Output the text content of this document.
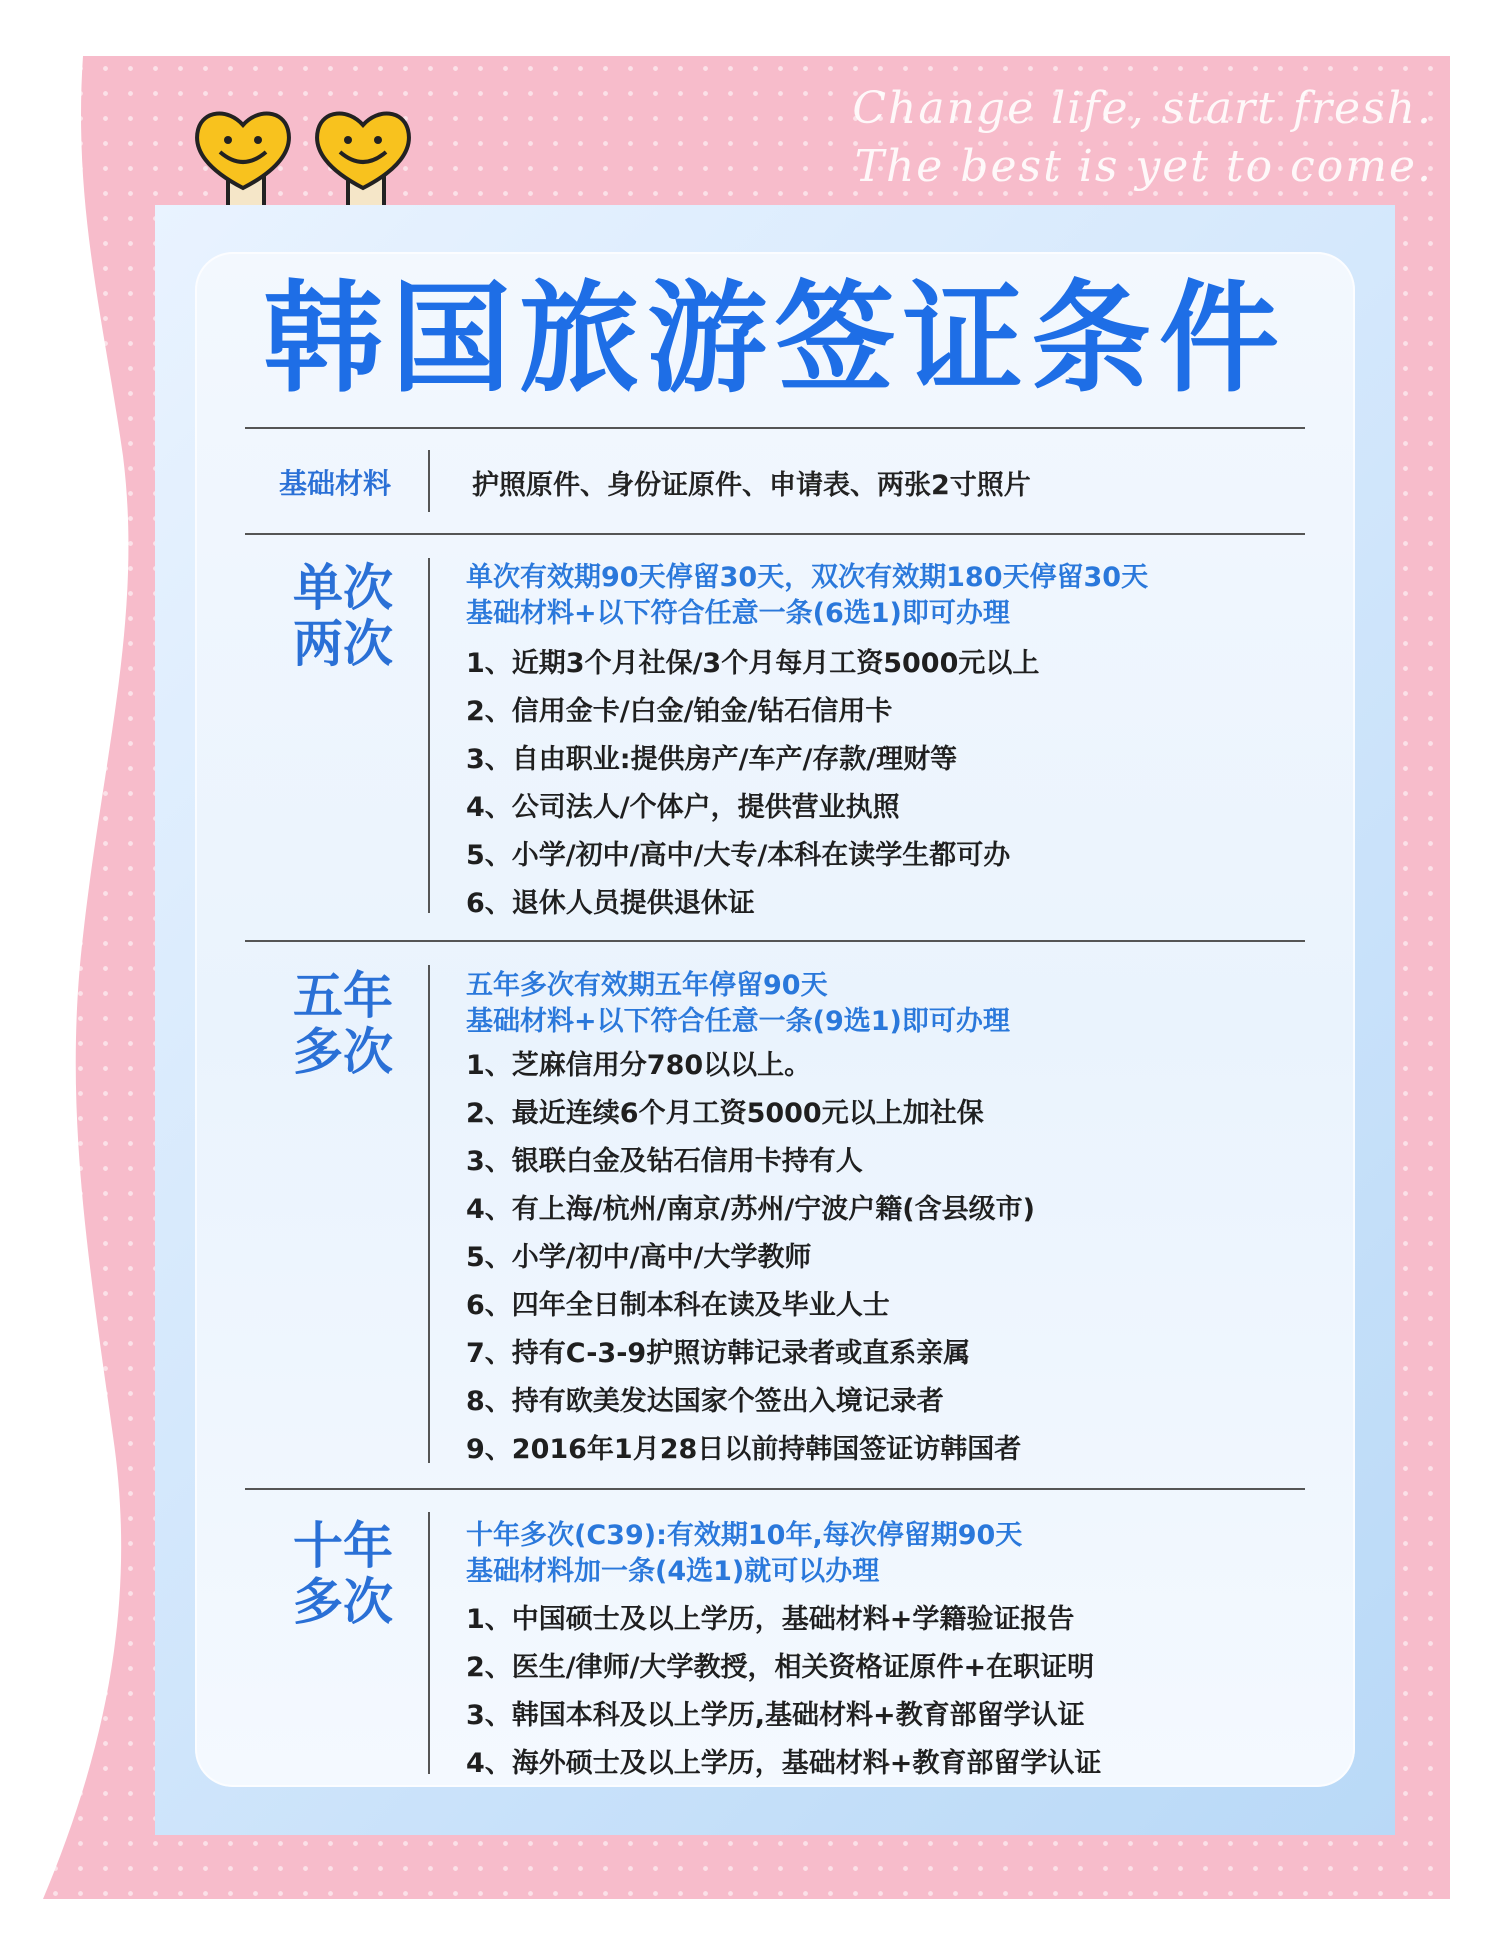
Change life, start fresh.
The best is yet to come.
韩国旅游签证条件
基础材料	护照原件、身份证原件、申请表、两张2寸照片
单次
两次
单次有效期90天停留30天，双次有效期180天停留30天
基础材料+以下符合任意一条(6选1)即可办理
1、近期3个月社保/3个月每月工资5000元以上
2、信用金卡/白金/铂金/钻石信用卡
3、自由职业:提供房产/车产/存款/理财等
4、公司法人/个体户，提供营业执照
5、小学/初中/高中/大专/本科在读学生都可办
6、退休人员提供退休证
五年
多次
五年多次有效期五年停留90天
基础材料+以下符合任意一条(9选1)即可办理
1、芝麻信用分780以以上。
2、最近连续6个月工资5000元以上加社保
3、银联白金及钻石信用卡持有人
4、有上海/杭州/南京/苏州/宁波户籍(含县级市)
5、小学/初中/高中/大学教师
6、四年全日制本科在读及毕业人士
7、持有C-3-9护照访韩记录者或直系亲属
8、持有欧美发达国家个签出入境记录者
9、2016年1月28日以前持韩国签证访韩国者
十年
多次
十年多次(C39):有效期10年,每次停留期90天
基础材料加一条(4选1)就可以办理
1、中国硕士及以上学历，基础材料+学籍验证报告
2、医生/律师/大学教授，相关资格证原件+在职证明
3、韩国本科及以上学历,基础材料+教育部留学认证
4、海外硕士及以上学历，基础材料+教育部留学认证
